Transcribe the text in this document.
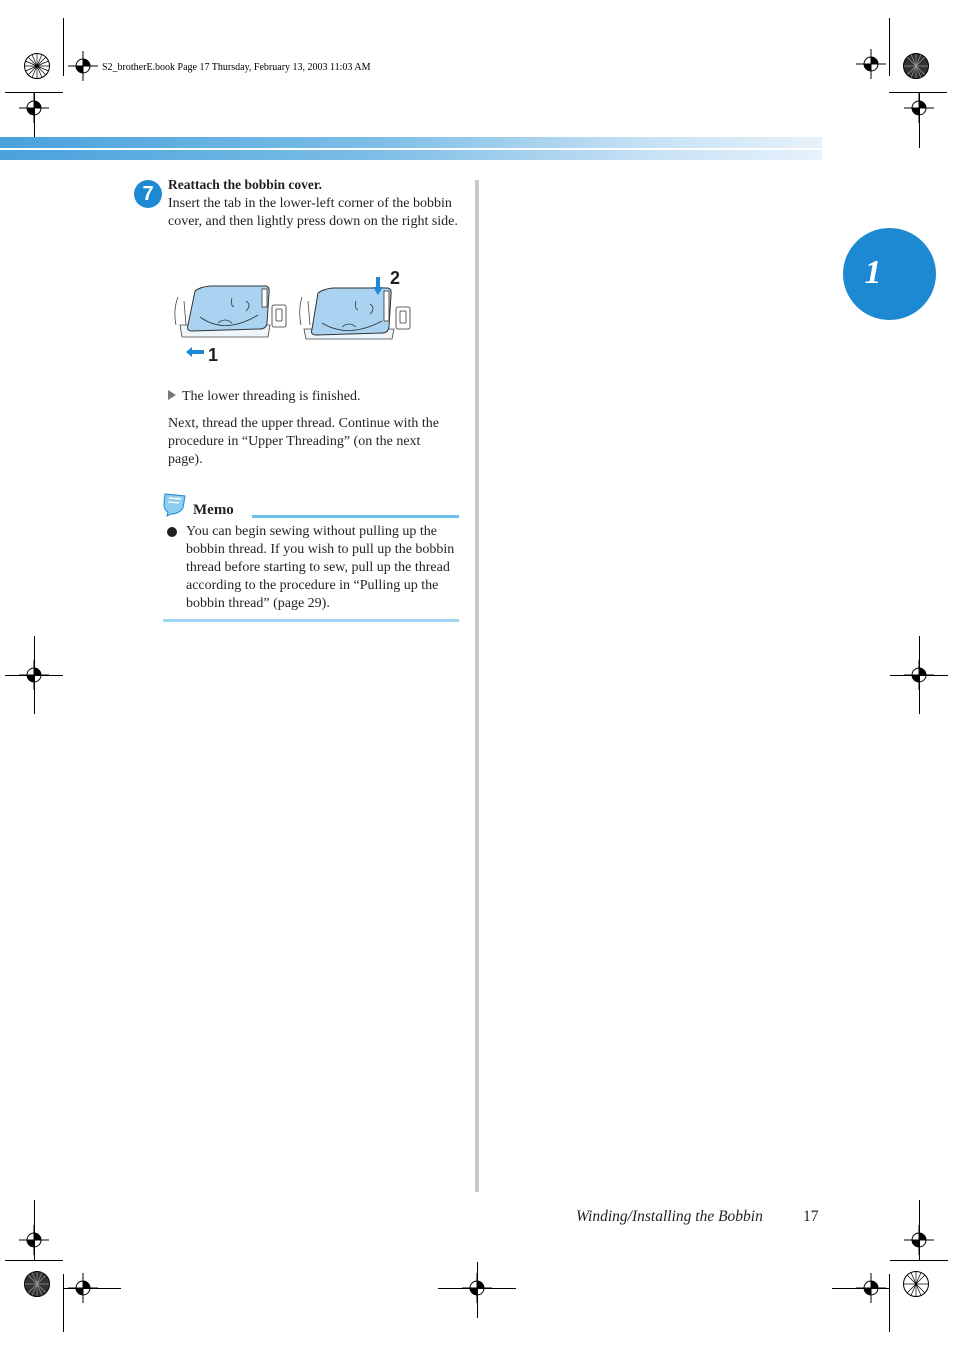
S2_brotherE.book Page 17 Thursday, February 13, 2003 11:03 AM
1
7	Reattach the bobbin cover.
Insert the tab in the lower-left corner of the bobbin cover, and then lightly press down on the right side.
1
2
The lower threading is finished.
Next, thread the upper thread. Continue with the procedure in “Upper Threading” (on the next page).
Memo
You can begin sewing without pulling up the bobbin thread. If you wish to pull up the bobbin thread before starting to sew, pull up the thread according to the procedure in “Pulling up the bobbin thread” (page 29).
Winding/Installing the Bobbin	17
